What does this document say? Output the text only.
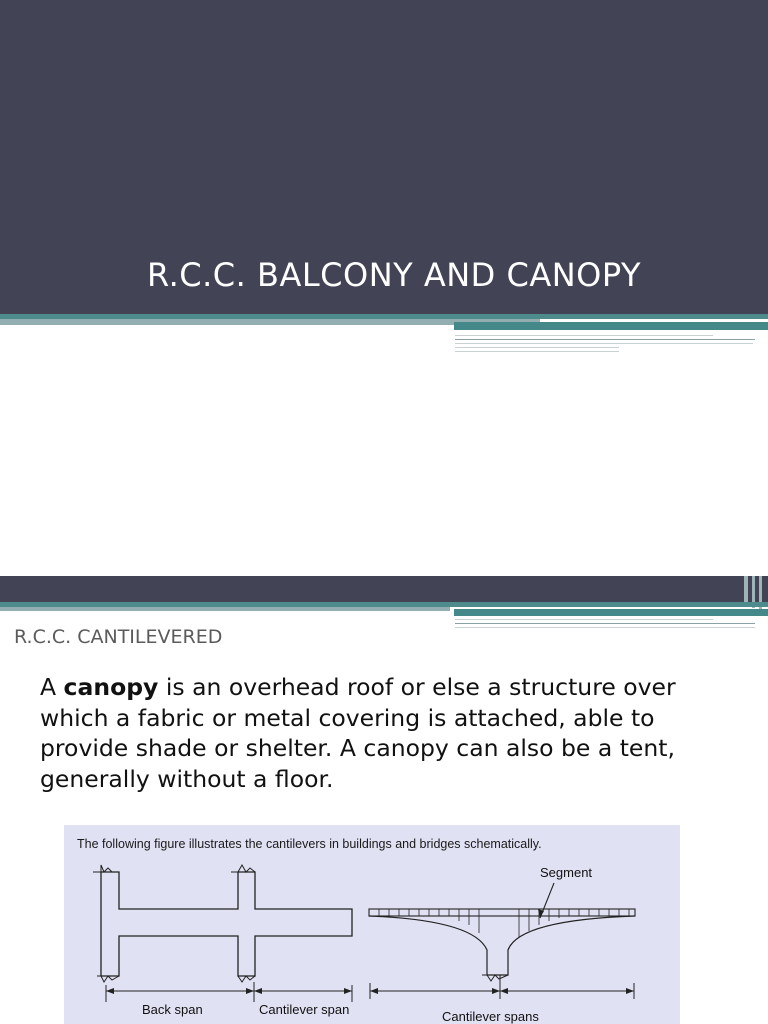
R.C.C. BALCONY AND CANOPY
R.C.C. CANTILEVERED
A canopy is an overhead roof or else a structure over which a fabric or metal covering is attached, able to provide shade or shelter. A canopy can also be a tent, generally without a floor.
The following figure illustrates the cantilevers in buildings and bridges schematically.
Segment
Back span	Cantilever span	Cantilever spans
